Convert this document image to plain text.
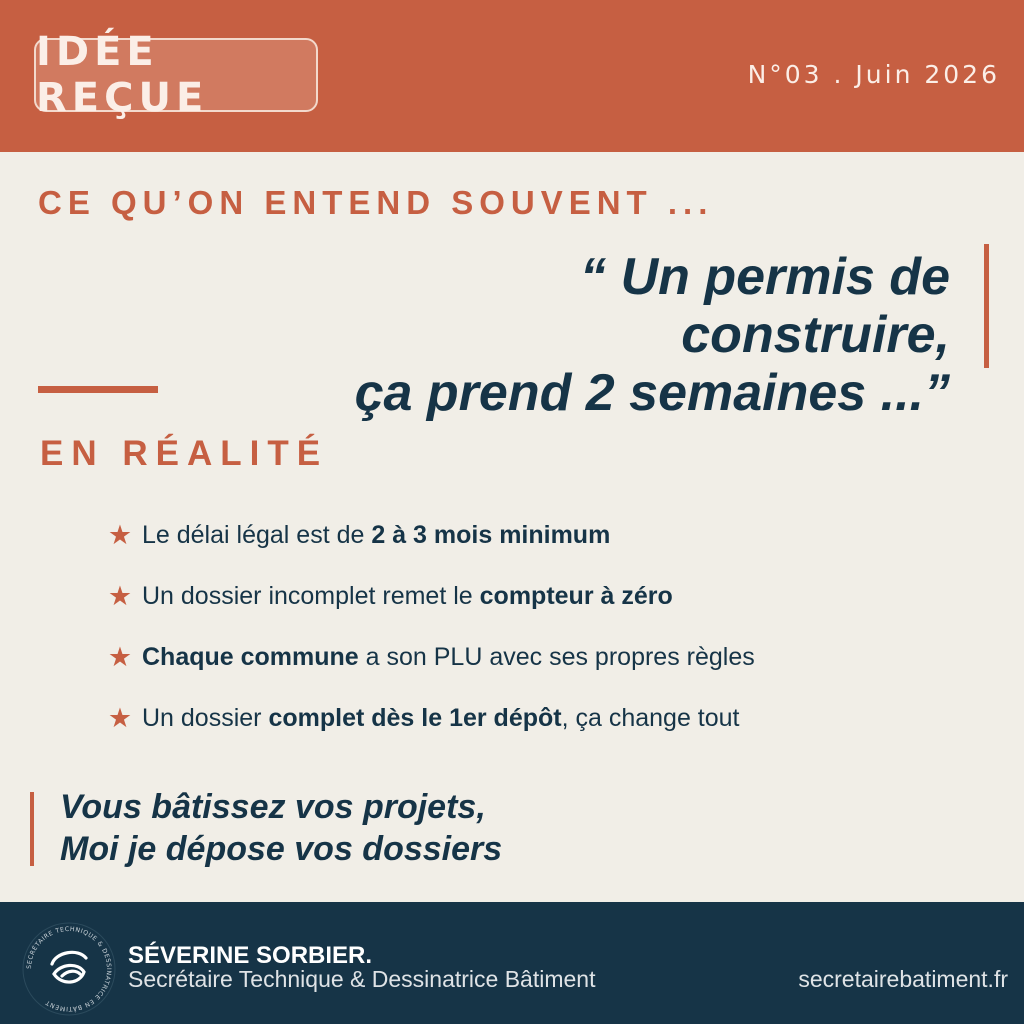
IDÉE REÇUE
N°03 . Juin 2026
CE QU’ON ENTEND SOUVENT ...
“ Un permis de construire,
ça prend 2 semaines ...”
EN RÉALITÉ
★ Le délai légal est de 2 à 3 mois minimum
★ Un dossier incomplet remet le compteur à zéro
★ Chaque commune a son PLU avec ses propres règles
★ Un dossier complet dès le 1er dépôt, ça change tout
Vous bâtissez vos projets,
Moi je dépose vos dossiers
SECRÉTAIRE TECHNIQUE & DESSINATRICE EN BÂTIMENT
SÉVERINE SORBIER.
Secrétaire Technique & Dessinatrice Bâtiment	secretairebatiment.fr
